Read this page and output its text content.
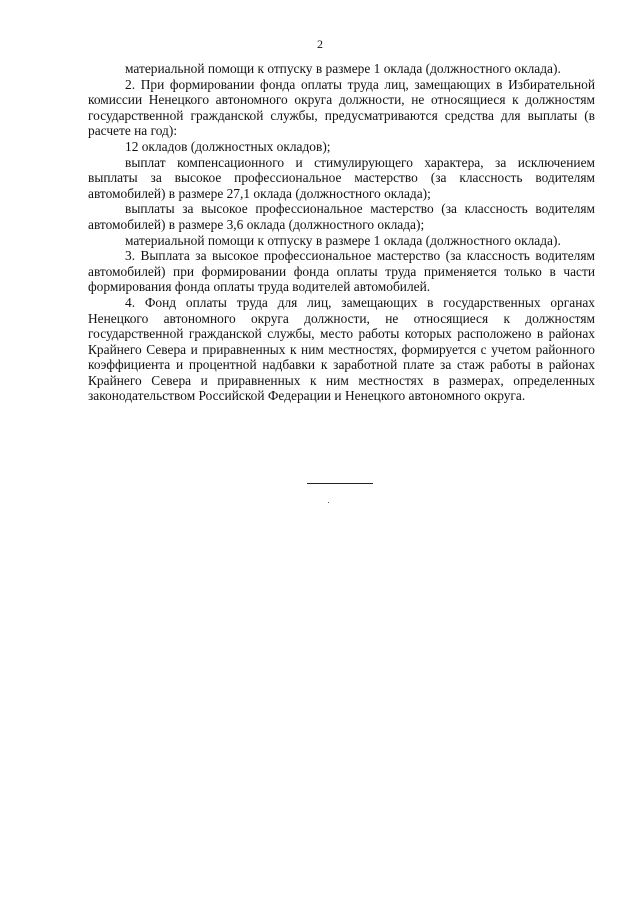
2

материальной помощи к отпуску в размере 1 оклада (должностного оклада).

2. При формировании фонда оплаты труда лиц, замещающих в Избирательной комиссии Ненецкого автономного округа должности, не относящиеся к должностям государственной гражданской службы, предусматриваются средства для выплаты (в расчете на год):

12 окладов (должностных окладов);

выплат компенсационного и стимулирующего характера, за исключением выплаты за высокое профессиональное мастерство (за классность водителям автомобилей) в размере 27,1 оклада (должностного оклада);

выплаты за высокое профессиональное мастерство (за классность водителям автомобилей) в размере 3,6 оклада (должностного оклада);

материальной помощи к отпуску в размере 1 оклада (должностного оклада).

3. Выплата за высокое профессиональное мастерство (за классность водителям автомобилей) при формировании фонда оплаты труда применяется только в части формирования фонда оплаты труда водителей автомобилей.

4. Фонд оплаты труда для лиц, замещающих в государственных органах Ненецкого автономного округа должности, не относящиеся к должностям государственной гражданской службы, место работы которых расположено в районах Крайнего Севера и приравненных к ним местностях, формируется с учетом районного коэффициента и процентной надбавки к заработной плате за стаж работы в районах Крайнего Севера и приравненных к ним местностях в размерах, определенных законодательством Российской Федерации и Ненецкого автономного округа.
